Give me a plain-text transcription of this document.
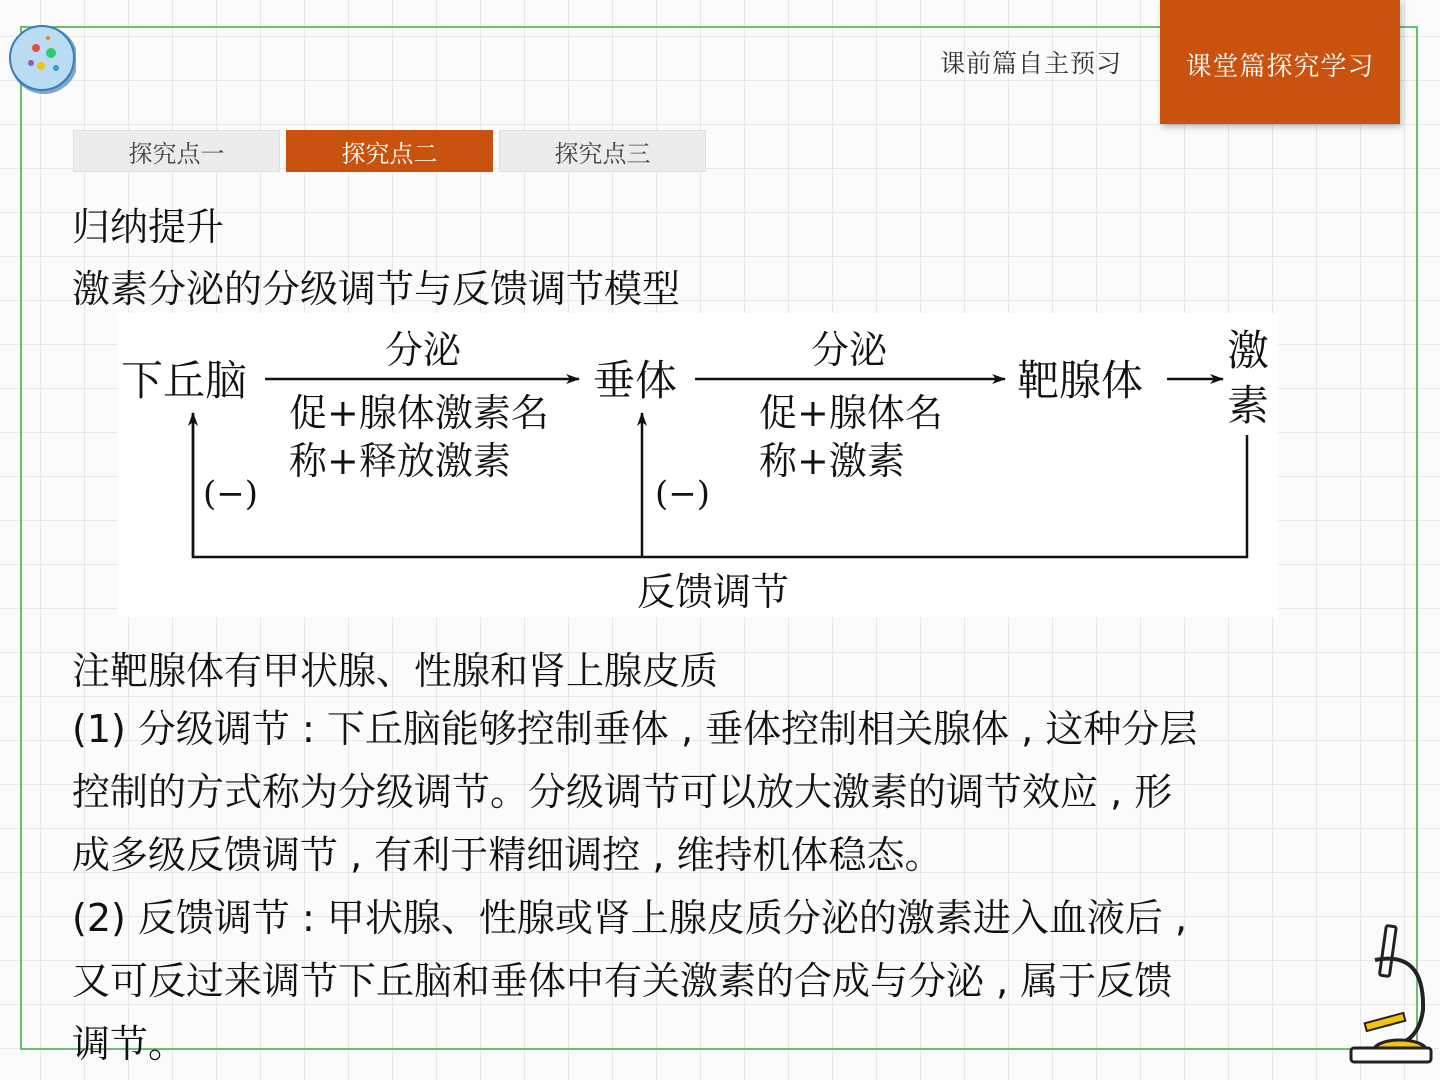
课前篇自主预习	课堂篇探究学习
探究点一	探究点二	探究点三
归纳提升
激素分泌的分级调节与反馈调节模型
下丘脑	垂体	靶腺体
激
素
分泌	分泌
促+腺体激素名
称+释放激素
促+腺体名
称+激素
(−)	(−)
反馈调节
注靶腺体有甲状腺、性腺和肾上腺皮质

(1) 分级调节 : 下丘脑能够控制垂体 , 垂体控制相关腺体 , 这种分层

控制的方式称为分级调节。分级调节可以放大激素的调节效应 , 形

成多级反馈调节 , 有利于精细调控 , 维持机体稳态。

(2) 反馈调节 : 甲状腺、性腺或肾上腺皮质分泌的激素进入血液后 ,

又可反过来调节下丘脑和垂体中有关激素的合成与分泌 , 属于反馈

调节。
